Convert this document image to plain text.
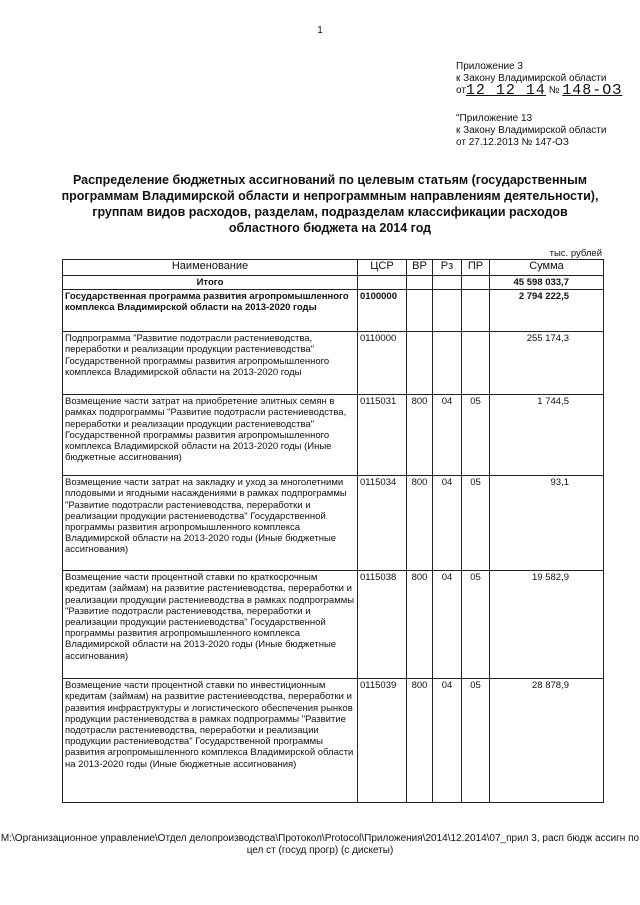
1
Приложение 3
к Закону Владимирской области
от12 12 14 № 148-ОЗ
"Приложение 13
к Закону Владимирской области
от 27.12.2013 № 147-ОЗ
Распределение бюджетных ассигнований по целевым статьям (государственным программам Владимирской области и непрограммным направлениям деятельности), группам видов расходов, разделам, подразделам классификации расходов областного бюджета на 2014 год
тыс. рублей
Наименование	ЦСР	ВР	Рз	ПР	Сумма
Итого					45 598 033,7
Государственная программа развития агропромышленного комплекса Владимирской области на 2013-2020 годы	0100000				2 794 222,5
Подпрограмма "Развитие подотрасли растениеводства, переработки и реализации продукции растениеводства" Государственной программы развития агропромышленного комплекса Владимирской области на 2013-2020 годы	0110000				255 174,3
Возмещение части затрат на приобретение элитных семян в рамках подпрограммы "Развитие подотрасли растениеводства, переработки и реализации продукции растениеводства" Государственной программы развития агропромышленного комплекса Владимирской области на 2013-2020 годы (Иные бюджетные ассигнования)	0115031	800	04	05	1 744,5
Возмещение части затрат на закладку и уход за многолетними плодовыми и ягодными насаждениями в рамках подпрограммы "Развитие подотрасли растениеводства, переработки и реализации продукции растениеводства" Государственной программы развития агропромышленного комплекса Владимирской области на 2013-2020 годы (Иные бюджетные ассигнования)	0115034	800	04	05	93,1
Возмещение части процентной ставки по краткосрочным кредитам (займам) на развитие растениеводства, переработки и реализации продукции растениеводства в рамках подпрограммы "Развитие подотрасли растениеводства, переработки и реализации продукции растениеводства" Государственной программы развития агропромышленного комплекса Владимирской области на 2013-2020 годы (Иные бюджетные ассигнования)	0115038	800	04	05	19 582,9
Возмещение части процентной ставки по инвестиционным кредитам (займам) на развитие растениеводства, переработки и развития инфраструктуры и логистического обеспечения рынков продукции растениеводства в рамках подпрограммы "Развитие подотрасли растениеводства, переработки и реализации продукции растениеводства" Государственной программы развития агропромышленного комплекса Владимирской области на 2013-2020 годы (Иные бюджетные ассигнования)	0115039	800	04	05	28 878,9
M:\Организационное управление\Отдел делопроизводства\Протокол\Protocol\Приложения\2014\12.2014\07_прил 3, расп бюдж ассигн по цел ст (госуд прогр) (с дискеты)
